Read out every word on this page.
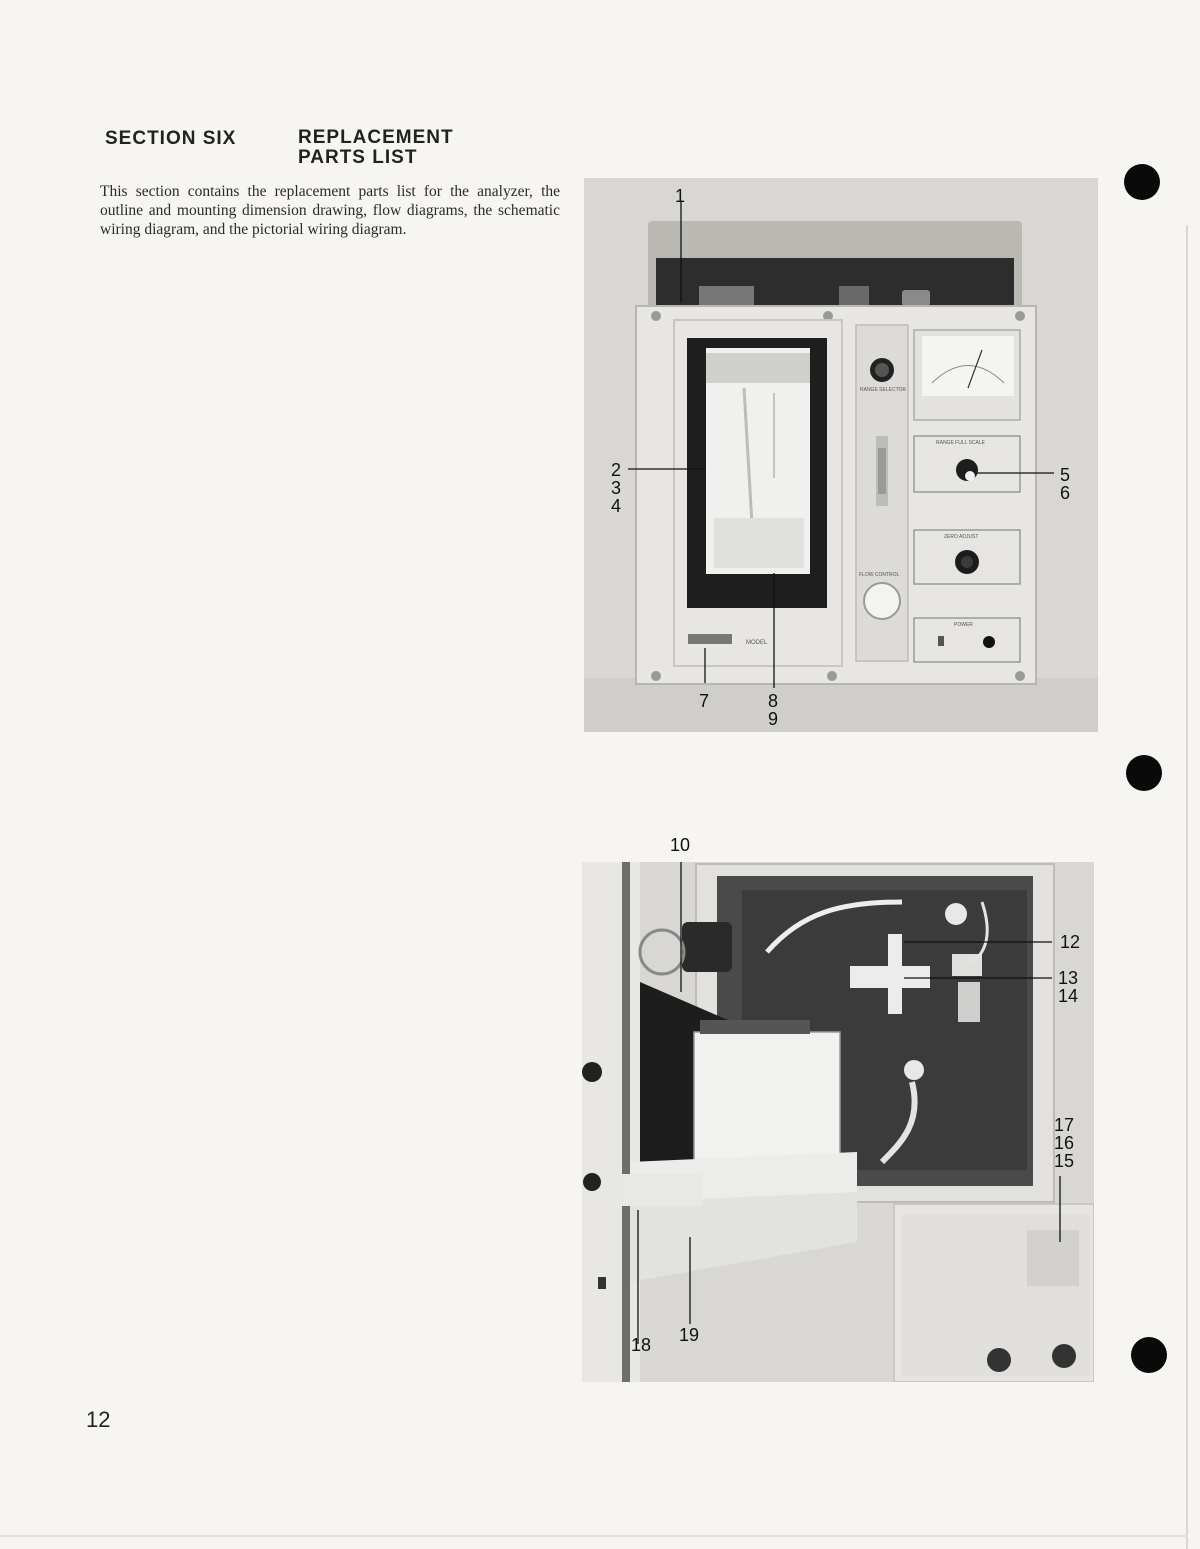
SECTION SIX	REPLACEMENT
PARTS LIST

This section contains the replacement parts list for the analyzer, the outline and mounting dimension drawing, flow diagrams, the schematic wiring diagram, and the pictorial wiring diagram.

12
MODEL
RANGE SELECTOR
FLOW CONTROL
RANGE FULL SCALE
ZERO ADJUST
POWER
1
2
3
4
5
6
7	8
9
10
12
13
14
17
16
15
18 19
